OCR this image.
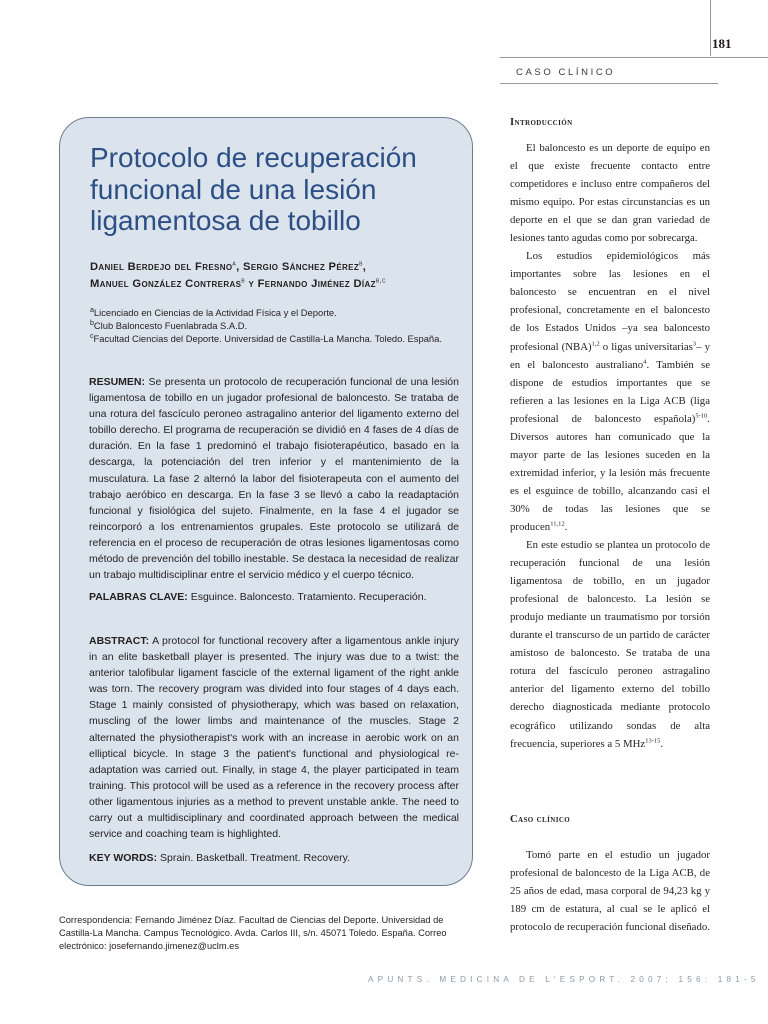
181
CASO CLÍNICO
Protocolo de recuperación funcional de una lesión ligamentosa de tobillo
Daniel Berdejo del Fresno$^a$, Sergio Sánchez Pérez$^b$,
Manuel González Contreras$^b$ y Fernando Jiménez Díaz$^{b,c}$
$^a$Licenciado en Ciencias de la Actividad Física y el Deporte.
$^b$Club Baloncesto Fuenlabrada S.A.D.
$^c$Facultad Ciencias del Deporte. Universidad de Castilla-La Mancha. Toledo. España.
RESUMEN: Se presenta un protocolo de recuperación funcional de una lesión ligamentosa de tobillo en un jugador profesional de baloncesto. Se trataba de una rotura del fascículo peroneo astragalino anterior del ligamento externo del tobillo derecho. El programa de recuperación se dividió en 4 fases de 4 días de duración. En la fase 1 predominó el trabajo fisioterapéutico, basado en la descarga, la potenciación del tren inferior y el mantenimiento de la musculatura. La fase 2 alternó la labor del fisioterapeuta con el aumento del trabajo aeróbico en descarga. En la fase 3 se llevó a cabo la readaptación funcional y fisiológica del sujeto. Finalmente, en la fase 4 el jugador se reincorporó a los entrenamientos grupales. Este protocolo se utilizará de referencia en el proceso de recuperación de otras lesiones ligamentosas como método de prevención del tobillo inestable. Se destaca la necesidad de realizar un trabajo multidisciplinar entre el servicio médico y el cuerpo técnico.
PALABRAS CLAVE: Esguince. Baloncesto. Tratamiento. Recuperación.
ABSTRACT: A protocol for functional recovery after a ligamentous ankle injury in an elite basketball player is presented. The injury was due to a twist: the anterior talofibular ligament fascicle of the external ligament of the right ankle was torn. The recovery program was divided into four stages of 4 days each. Stage 1 mainly consisted of physiotherapy, which was based on relaxation, muscling of the lower limbs and maintenance of the muscles. Stage 2 alternated the physiotherapist's work with an increase in aerobic work on an elliptical bicycle. In stage 3 the patient's functional and physiological re-adaptation was carried out. Finally, in stage 4, the player participated in team training. This protocol will be used as a reference in the recovery process after other ligamentous injuries as a method to prevent unstable ankle. The need to carry out a multidisciplinary and coordinated approach between the medical service and coaching team is highlighted.
KEY WORDS: Sprain. Basketball. Treatment. Recovery.
Correspondencia: Fernando Jiménez Díaz. Facultad de Ciencias del Deporte. Universidad de Castilla-La Mancha. Campus Tecnológico. Avda. Carlos III, s/n. 45071 Toledo. España. Correo electrónico: josefernando.jimenez@uclm.es
Introducción

El baloncesto es un deporte de equipo en el que existe frecuente contacto entre competidores e incluso entre compañeros del mismo equipo. Por estas circunstancias es un deporte en el que se dan gran variedad de lesiones tanto agudas como por sobrecarga.

Los estudios epidemiológicos más importantes sobre las lesiones en el baloncesto se encuentran en el nivel profesional, concretamente en el baloncesto de los Estados Unidos –ya sea baloncesto profesional (NBA)$^{1,2}$ o ligas universitarias$^3$– y en el baloncesto australiano$^4$. También se dispone de estudios importantes que se refieren a las lesiones en la Liga ACB (liga profesional de baloncesto española)$^{5-10}$. Diversos autores han comunicado que la mayor parte de las lesiones suceden en la extremidad inferior, y la lesión más frecuente es el esguince de tobillo, alcanzando casi el 30% de todas las lesiones que se producen$^{11,12}$.

En este estudio se plantea un protocolo de recuperación funcional de una lesión ligamentosa de tobillo, en un jugador profesional de baloncesto. La lesión se produjo mediante un traumatismo por torsión durante el transcurso de un partido de carácter amistoso de baloncesto. Se trataba de una rotura del fascículo peroneo astragalino anterior del ligamento externo del tobillo derecho diagnosticada mediante protocolo ecográfico utilizando sondas de alta frecuencia, superiores a 5 MHz$^{13-15}$.

Caso clínico

Tomó parte en el estudio un jugador profesional de baloncesto de la Liga ACB, de 25 años de edad, masa corporal de 94,23 kg y 189 cm de estatura, al cual se le aplicó el protocolo de recuperación funcional diseñado.

APUNTS. MEDICINA DE L'ESPORT. 2007; 156: 181-5
